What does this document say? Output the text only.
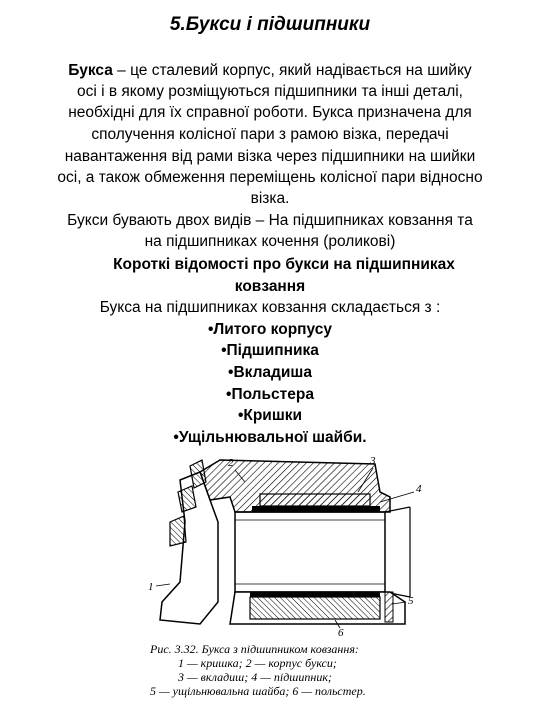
5.Букси і підшипники
Букса – це сталевий корпус, який надівається на шийку
осі і в якому розміщуються підшипники та інші деталі,
необхідні для їх справної роботи. Букса призначена для
сполучення колісної пари з рамою візка, передачі
навантаження від рами візка через підшипники на шийки
осі, а також обмеження переміщень колісної пари відносно
візка.
Букси бувають двох видів – На підшипниках ковзання та
на підшипниках кочення (роликові)
Короткі відомості про букси на підшипниках
ковзання
Букса на підшипниках ковзання складається з :
•Литого корпусу
•Підшипника
•Вкладиша
•Польстера
•Кришки
•Ущільнювальної шайби.
1
2	3
4
5
6
Рис. 3.32. Букса з підшипником ковзання:
1 — кришка; 2 — корпус букси;
3 — вкладиш; 4 — підшипник;
5 — ущільнювальна шайба; 6 — польстер.
